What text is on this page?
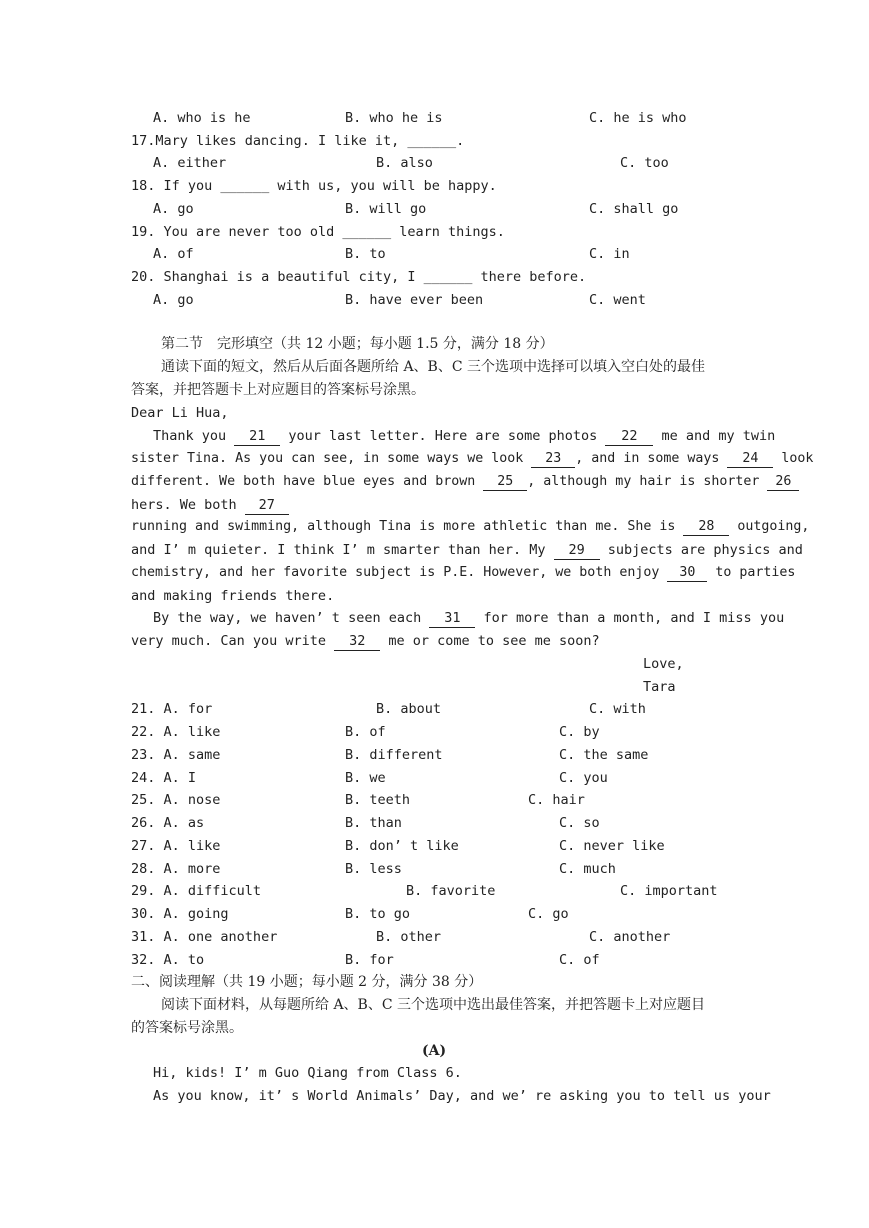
A. who is he	B. who he is	C. he is who
17.Mary likes dancing. I like it, ______.
A. either	B. also	C. too
18. If you ______ with us, you will be happy.
A. go	B. will go	C. shall go
19. You are never too old ______ learn things.
A. of	B. to	C. in
20. Shanghai is a beautiful city, I ______ there before.
A. go	B. have ever been	C. went
第二节　完形填空（共 12 小题；每小题 1.5 分，满分 18 分）
通读下面的短文，然后从后面各题所给 A、B、C 三个选项中选择可以填入空白处的最佳
答案，并把答题卡上对应题目的答案标号涂黑。
Dear Li Hua,
Thank you 21 your last letter. Here are some photos 22 me and my twin
sister Tina. As you can see, in some ways we look 23 , and in some ways 24 look
different. We both have blue eyes and brown 25 , although my hair is shorter 26
hers. We both 27
running and swimming, although Tina is more athletic than me. She is 28 outgoing,
and I’ m quieter. I think I’ m smarter than her. My 29 subjects are physics and
chemistry, and her favorite subject is P.E. However, we both enjoy 30 to parties
and making friends there.
By the way, we haven’ t seen each 31 for more than a month, and I miss you
very much. Can you write 32 me or come to see me soon?
Love,
Tara
21. A. for	B. about	C. with
22. A. like	B. of	C. by
23. A. same	B. different	C. the same
24. A. I	B. we	C. you
25. A. nose	B. teeth	C. hair
26. A. as	B. than	C. so
27. A. like	B. don’ t like	C. never like
28. A. more	B. less	C. much
29. A. difficult	B. favorite	C. important
30. A. going	B. to go	C. go
31. A. one another	B. other	C. another
32. A. to	B. for	C. of
二、阅读理解（共 19 小题；每小题 2 分，满分 38 分）
阅读下面材料，从每题所给 A、B、C 三个选项中选出最佳答案，并把答题卡上对应题目
的答案标号涂黑。
(A)
Hi, kids! I’ m Guo Qiang from Class 6.
As you know, it’ s World Animals’ Day, and we’ re asking you to tell us your
